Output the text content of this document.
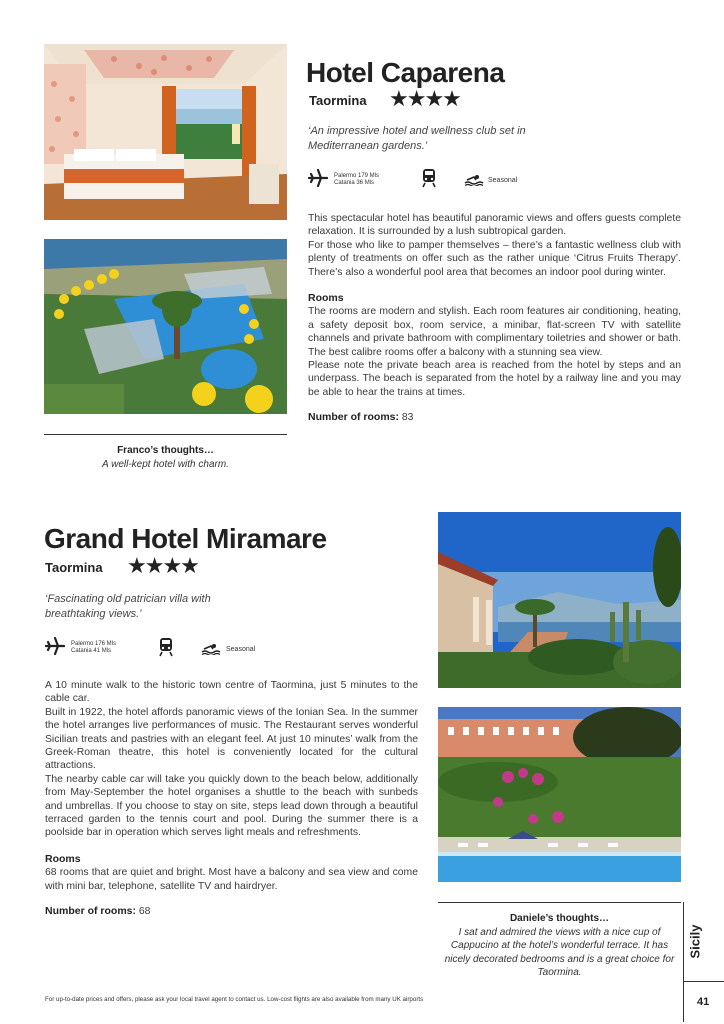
Franco’s thoughts…
A well-kept hotel with charm.
Hotel Caparena
Taormina ★★★★
‘An impressive hotel and wellness club set in Mediterranean gardens.’
Palermo 179 Mls
Catania 36 Mls	Seasonal

This spectacular hotel has beautiful panoramic views and offers guests complete relaxation. It is surrounded by a lush subtropical garden.

For those who like to pamper themselves – there’s a fantastic wellness club with plenty of treatments on offer such as the rather unique ‘Citrus Fruits Therapy’. There’s also a wonderful pool area that becomes an indoor pool during winter.

Rooms

The rooms are modern and stylish. Each room features air conditioning, heating, a safety deposit box, room service, a minibar, flat-screen TV with satellite channels and private bathroom with complimentary toiletries and shower or bath. The best calibre rooms offer a balcony with a stunning sea view.

Please note the private beach area is reached from the hotel by steps and an underpass. The beach is separated from the hotel by a railway line and you may be able to hear the trains at times.

Number of rooms: 83

Grand Hotel Miramare
Taormina ★★★★
‘Fascinating old patrician villa with breathtaking views.’
Palermo 176 Mls
Catania 41 Mls	Seasonal

A 10 minute walk to the historic town centre of Taormina, just 5 minutes to the cable car.

Built in 1922, the hotel affords panoramic views of the Ionian Sea. In the summer the hotel arranges live performances of music. The Restaurant serves wonderful Sicilian treats and pastries with an elegant feel. At just 10 minutes’ walk from the Greek-Roman theatre, this hotel is conveniently located for the cultural attractions.

The nearby cable car will take you quickly down to the beach below, additionally from May-September the hotel organises a shuttle to the beach with sunbeds and umbrellas. If you choose to stay on site, steps lead down through a beautiful terraced garden to the tennis court and pool. During the summer there is a poolside bar in operation which serves light meals and refreshments.

Rooms

68 rooms that are quiet and bright. Most have a balcony and sea view and come with mini bar, telephone, satellite TV and hairdryer.

Number of rooms: 68

Daniele’s thoughts…
I sat and admired the views with a nice cup of Cappucino at the hotel’s wonderful terrace. It has nicely decorated bedrooms and is a great choice for Taormina.
Sicily
For up-to-date prices and offers, please ask your local travel agent to contact us. Low-cost flights are also available from many UK airports	41
